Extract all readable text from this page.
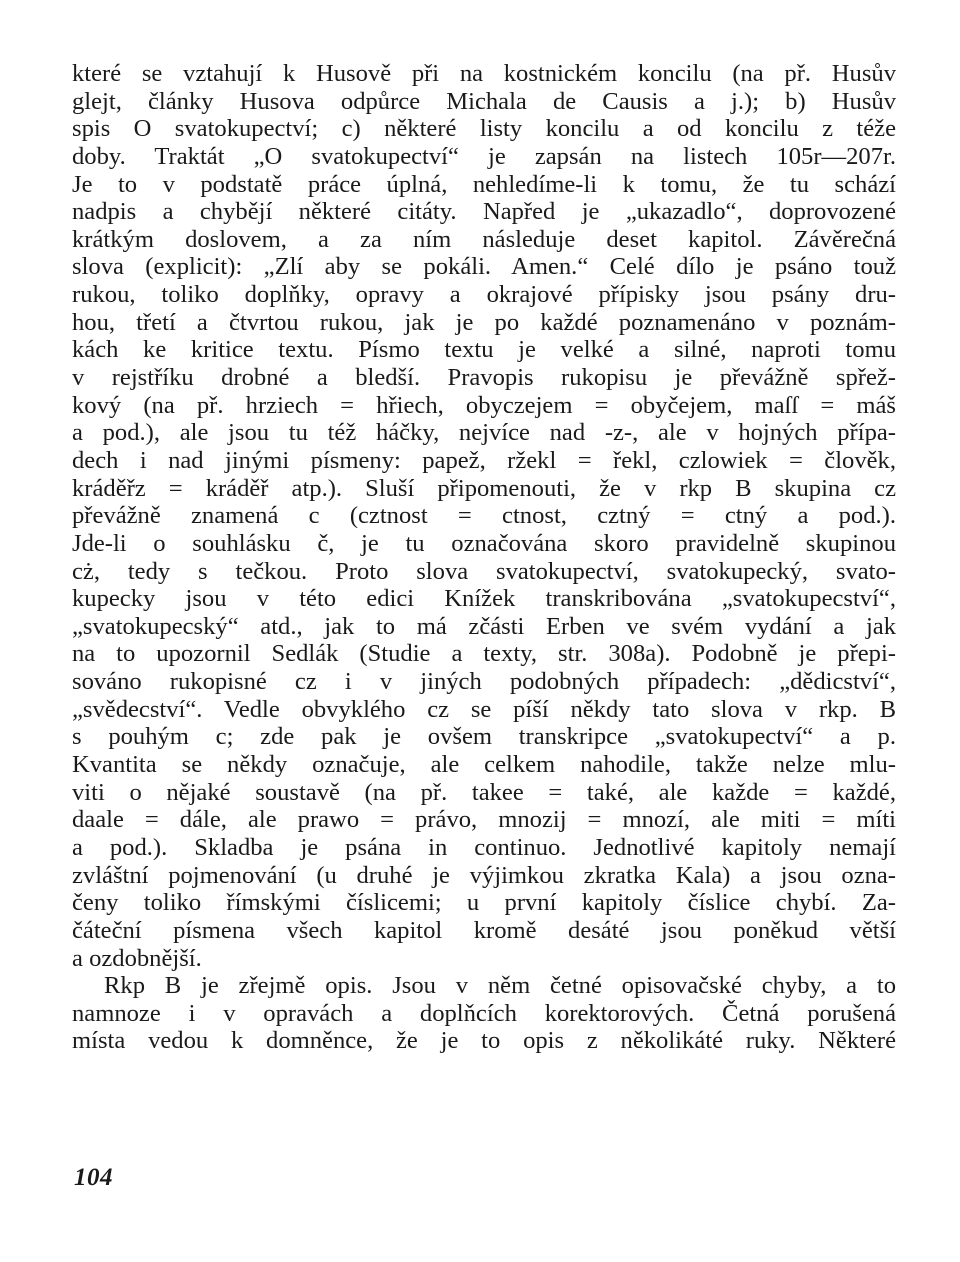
které se vztahují k Husově při na kostnickém koncilu (na př. Husův
glejt, články Husova odpůrce Michala de Causis a j.); b) Husův
spis O svatokupectví; c) některé listy koncilu a od koncilu z téže
doby. Traktát „O svatokupectví“ je zapsán na listech 105r—207r.
Je to v podstatě práce úplná, nehledíme-li k tomu, že tu schází
nadpis a chybějí některé citáty. Napřed je „ukazadlo“, doprovozené
krátkým doslovem, a za ním následuje deset kapitol. Závěrečná
slova (explicit): „Zlí aby se pokáli. Amen.“ Celé dílo je psáno touž
rukou, toliko doplňky, opravy a okrajové přípisky jsou psány dru-
hou, třetí a čtvrtou rukou, jak je po každé poznamenáno v poznám-
kách ke kritice textu. Písmo textu je velké a silné, naproti tomu
v rejstříku drobné a bledší. Pravopis rukopisu je převážně spřež-
kový (na př. hrziech = hřiech, obyczejem = obyčejem, maſſ = máš
a pod.), ale jsou tu též háčky, nejvíce nad -z-, ale v hojných přípa-
dech i nad jinými písmeny: papež, ržekl = řekl, czlowiek = člověk,
kráděřz = kráděř atp.). Sluší připomenouti, že v rkp B skupina cz
převážně znamená c (cztnost = ctnost, cztný = ctný a pod.).
Jde-li o souhlásku č, je tu označována skoro pravidelně skupinou
cż, tedy s tečkou. Proto slova svatokupectví, svatokupecký, svato-
kupecky jsou v této edici Knížek transkribována „svatokupecství“,
„svatokupecský“ atd., jak to má zčásti Erben ve svém vydání a jak
na to upozornil Sedlák (Studie a texty, str. 308a). Podobně je přepi-
sováno rukopisné cz i v jiných podobných případech: „dědicství“,
„svědecství“. Vedle obvyklého cz se píší někdy tato slova v rkp. B
s pouhým c; zde pak je ovšem transkripce „svatokupectví“ a p.
Kvantita se někdy označuje, ale celkem nahodile, takže nelze mlu-
viti o nějaké soustavě (na př. takee = také, ale každe = každé,
daale = dále, ale prawo = právo, mnozij = mnozí, ale miti = míti
a pod.). Skladba je psána in continuo. Jednotlivé kapitoly nemají
zvláštní pojmenování (u druhé je výjimkou zkratka Kala) a jsou ozna-
čeny toliko římskými číslicemi; u první kapitoly číslice chybí. Za-
čáteční písmena všech kapitol kromě desáté jsou poněkud větší
a ozdobnější.
Rkp B je zřejmě opis. Jsou v něm četné opisovačské chyby, a to
namnoze i v opravách a doplňcích korektorových. Četná porušená
místa vedou k domněnce, že je to opis z několikáté ruky. Některé
104
